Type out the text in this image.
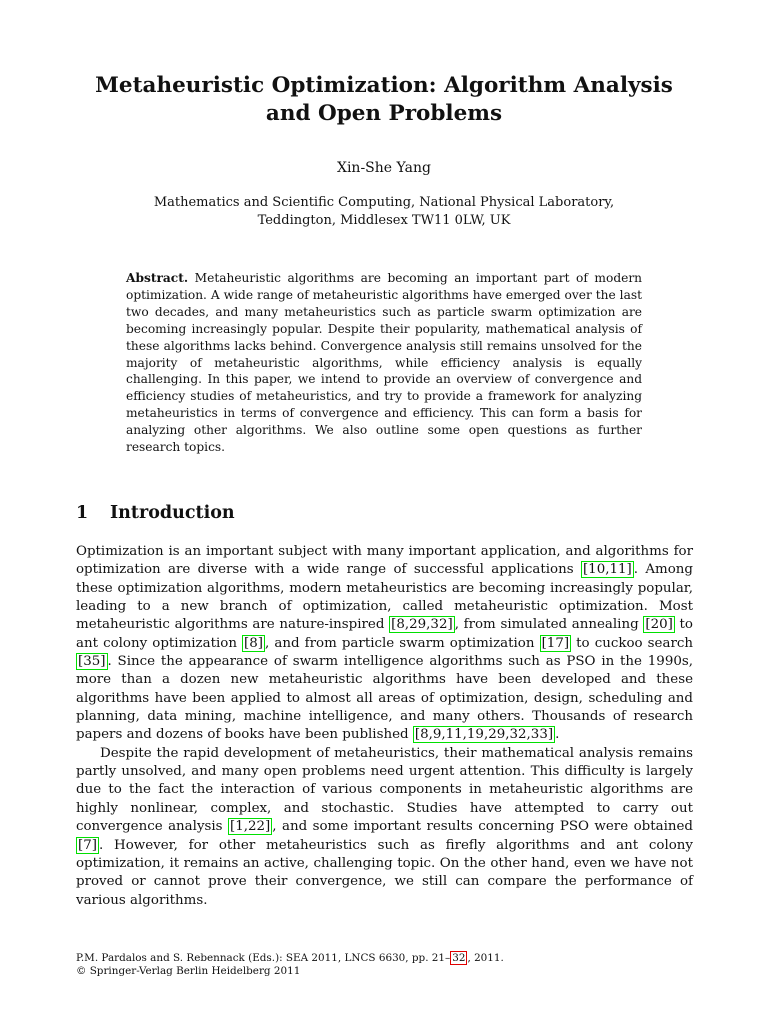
Metaheuristic Optimization: Algorithm Analysis
and Open Problems
Xin-She Yang
Mathematics and Scientific Computing, National Physical Laboratory,
Teddington, Middlesex TW11 0LW, UK
Abstract. Metaheuristic algorithms are becoming an important part of modern optimization. A wide range of metaheuristic algorithms have emerged over the last two decades, and many metaheuristics such as particle swarm optimization are becoming increasingly popular. Despite their popularity, mathematical analysis of these algorithms lacks behind. Convergence analysis still remains unsolved for the majority of metaheuristic algorithms, while efficiency analysis is equally challenging. In this paper, we intend to provide an overview of convergence and efficiency studies of metaheuristics, and try to provide a framework for analyzing metaheuristics in terms of convergence and efficiency. This can form a basis for analyzing other algorithms. We also outline some open questions as further research topics.
1 Introduction

Optimization is an important subject with many important application, and algorithms for optimization are diverse with a wide range of successful applications [10,11] . Among these optimization algorithms, modern metaheuristics are becoming increasingly popular, leading to a new branch of optimization, called metaheuristic optimization. Most metaheuristic algorithms are nature-inspired [8,29,32] , from simulated annealing [20] to ant colony optimization [8] , and from particle swarm optimization [17] to cuckoo search [35] . Since the appearance of swarm intelligence algorithms such as PSO in the 1990s, more than a dozen new metaheuristic algorithms have been developed and these algorithms have been applied to almost all areas of optimization, design, scheduling and planning, data mining, machine intelligence, and many others. Thousands of research papers and dozens of books have been published [8,9,11,19,29,32,33] .

Despite the rapid development of metaheuristics, their mathematical analysis remains partly unsolved, and many open problems need urgent attention. This difficulty is largely due to the fact the interaction of various components in metaheuristic algorithms are highly nonlinear, complex, and stochastic. Studies have attempted to carry out convergence analysis [1,22] , and some important results concerning PSO were obtained [7] . However, for other metaheuristics such as firefly algorithms and ant colony optimization, it remains an active, challenging topic. On the other hand, even we have not proved or cannot prove their convergence, we still can compare the performance of various algorithms.

P.M. Pardalos and S. Rebennack (Eds.): SEA 2011, LNCS 6630, pp. 21– 32 , 2011.
© Springer-Verlag Berlin Heidelberg 2011
